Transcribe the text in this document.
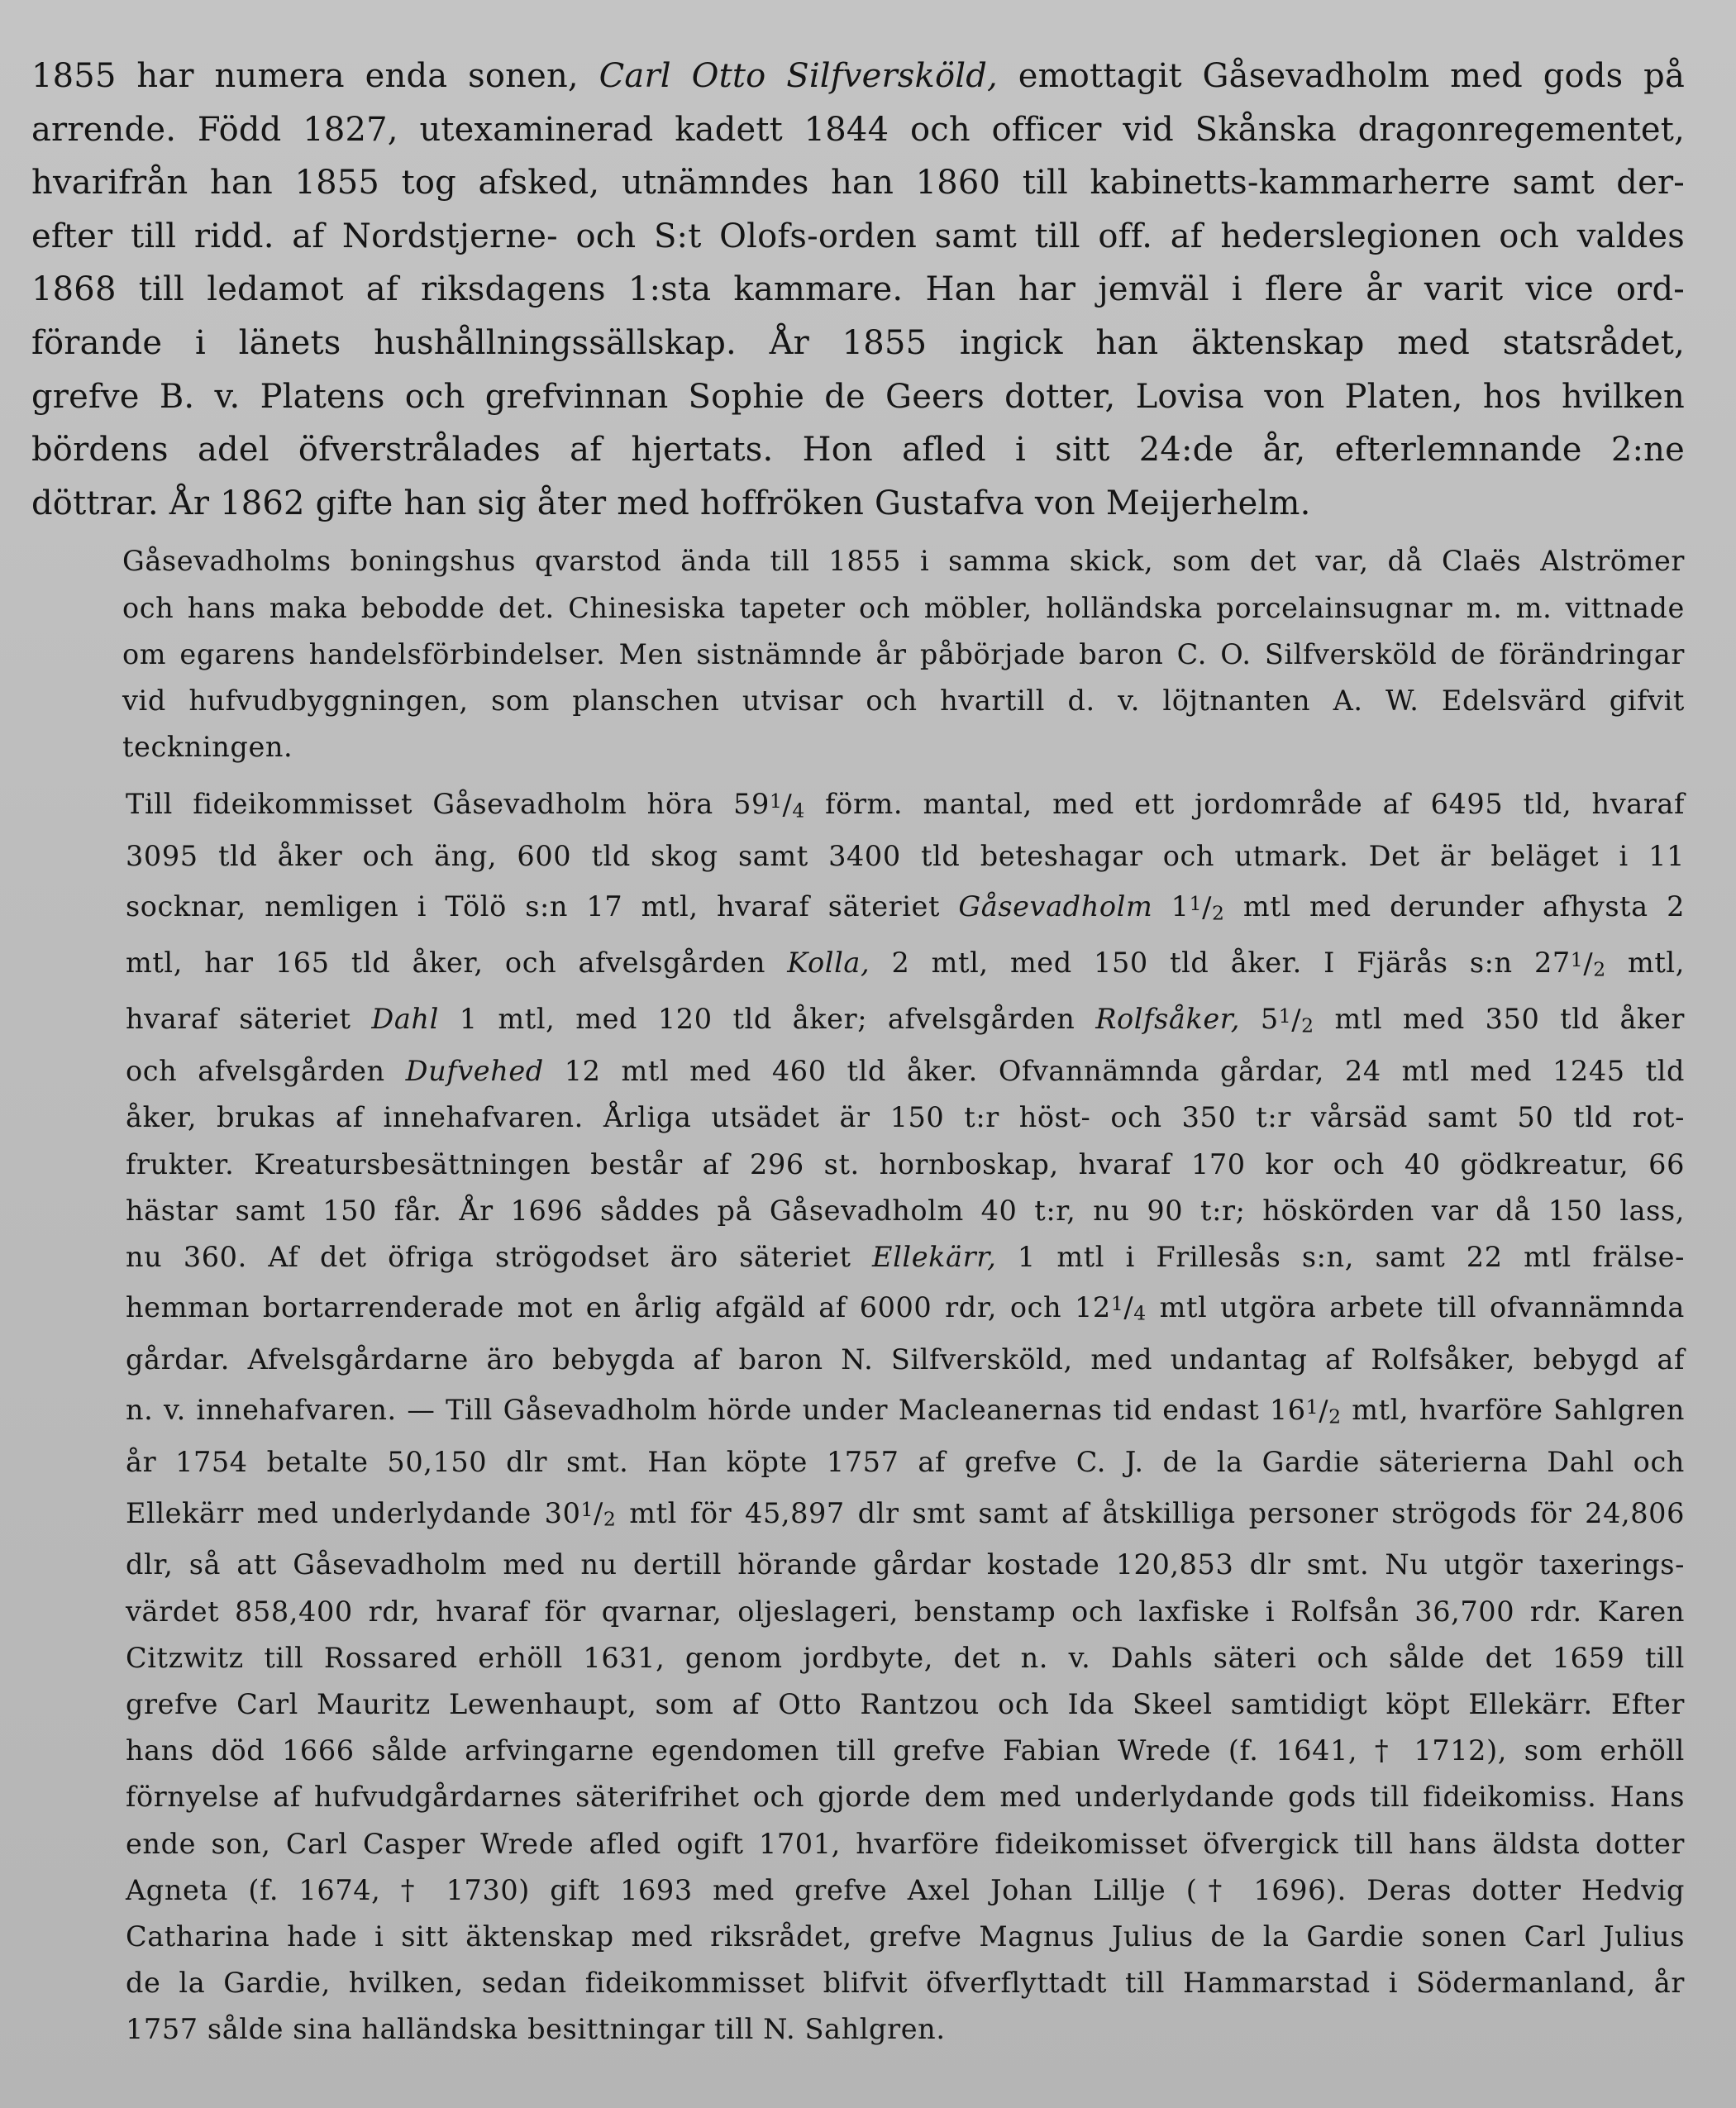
1855 har numera enda sonen, Carl Otto Silfversköld, emottagit Gåsevadholm med gods på
arrende. Född 1827, utexaminerad kadett 1844 och officer vid Skånska dragonregementet,
hvarifrån han 1855 tog afsked, utnämndes han 1860 till kabinetts-kammarherre samt der-
efter till ridd. af Nordstjerne- och S:t Olofs-orden samt till off. af hederslegionen och valdes
1868 till ledamot af riksdagens 1:sta kammare. Han har jemväl i flere år varit vice ord-
förande i länets hushållningssällskap. År 1855 ingick han äktenskap med statsrådet,
grefve B. v. Platens och grefvinnan Sophie de Geers dotter, Lovisa von Platen, hos hvilken
bördens adel öfverstrålades af hjertats. Hon afled i sitt 24:de år, efterlemnande 2:ne
döttrar. År 1862 gifte han sig åter med hoffröken Gustafva von Meijerhelm.
Gåsevadholms boningshus qvarstod ända till 1855 i samma skick, som det var, då Claës Alströmer
och hans maka bebodde det. Chinesiska tapeter och möbler, holländska porcelainsugnar m. m. vittnade
om egarens handelsförbindelser. Men sistnämnde år påbörjade baron C. O. Silfversköld de förändringar
vid hufvudbyggningen, som planschen utvisar och hvartill d. v. löjtnanten A. W. Edelsvärd gifvit
teckningen.
Till fideikommisset Gåsevadholm höra $59^1/4$ förm. mantal, med ett jordområde af 6495 tld, hvaraf
3095 tld åker och äng, 600 tld skog samt 3400 tld beteshagar och utmark. Det är beläget i 11
socknar, nemligen i Tölö s:n 17 mtl, hvaraf säteriet Gåsevadholm $1^1/2$ mtl med derunder afhysta 2
mtl, har 165 tld åker, och afvelsgården Kolla, 2 mtl, med 150 tld åker. I Fjärås s:n $27^1/2$ mtl,
hvaraf säteriet Dahl 1 mtl, med 120 tld åker; afvelsgården Rolfsåker, $5^1/2$ mtl med 350 tld åker
och afvelsgården Dufvehed 12 mtl med 460 tld åker. Ofvannämnda gårdar, 24 mtl med 1245 tld
åker, brukas af innehafvaren. Årliga utsädet är 150 t:r höst- och 350 t:r vårsäd samt 50 tld rot-
frukter. Kreatursbesättningen består af 296 st. hornboskap, hvaraf 170 kor och 40 gödkreatur, 66
hästar samt 150 får. År 1696 såddes på Gåsevadholm 40 t:r, nu 90 t:r; höskörden var då 150 lass,
nu 360. Af det öfriga strögodset äro säteriet Ellekärr, 1 mtl i Frillesås s:n, samt 22 mtl frälse-
hemman bortarrenderade mot en årlig afgäld af 6000 rdr, och $12^1/4$ mtl utgöra arbete till ofvannämnda
gårdar. Afvelsgårdarne äro bebygda af baron N. Silfversköld, med undantag af Rolfsåker, bebygd af
n. v. innehafvaren. — Till Gåsevadholm hörde under Macleanernas tid endast $16^1/2$ mtl, hvarföre Sahlgren
år 1754 betalte 50,150 dlr smt. Han köpte 1757 af grefve C. J. de la Gardie säterierna Dahl och
Ellekärr med underlydande $30^1/2$ mtl för 45,897 dlr smt samt af åtskilliga personer strögods för 24,806
dlr, så att Gåsevadholm med nu dertill hörande gårdar kostade 120,853 dlr smt. Nu utgör taxerings-
värdet 858,400 rdr, hvaraf för qvarnar, oljeslageri, benstamp och laxfiske i Rolfsån 36,700 rdr. Karen
Citzwitz till Rossared erhöll 1631, genom jordbyte, det n. v. Dahls säteri och sålde det 1659 till
grefve Carl Mauritz Lewenhaupt, som af Otto Rantzou och Ida Skeel samtidigt köpt Ellekärr. Efter
hans död 1666 sålde arfvingarne egendomen till grefve Fabian Wrede (f. 1641, † 1712), som erhöll
förnyelse af hufvudgårdarnes säterifrihet och gjorde dem med underlydande gods till fideikomiss. Hans
ende son, Carl Casper Wrede afled ogift 1701, hvarföre fideikomisset öfvergick till hans äldsta dotter
Agneta (f. 1674, † 1730) gift 1693 med grefve Axel Johan Lillje († 1696). Deras dotter Hedvig
Catharina hade i sitt äktenskap med riksrådet, grefve Magnus Julius de la Gardie sonen Carl Julius
de la Gardie, hvilken, sedan fideikommisset blifvit öfverflyttadt till Hammarstad i Södermanland, år
1757 sålde sina halländska besittningar till N. Sahlgren.
